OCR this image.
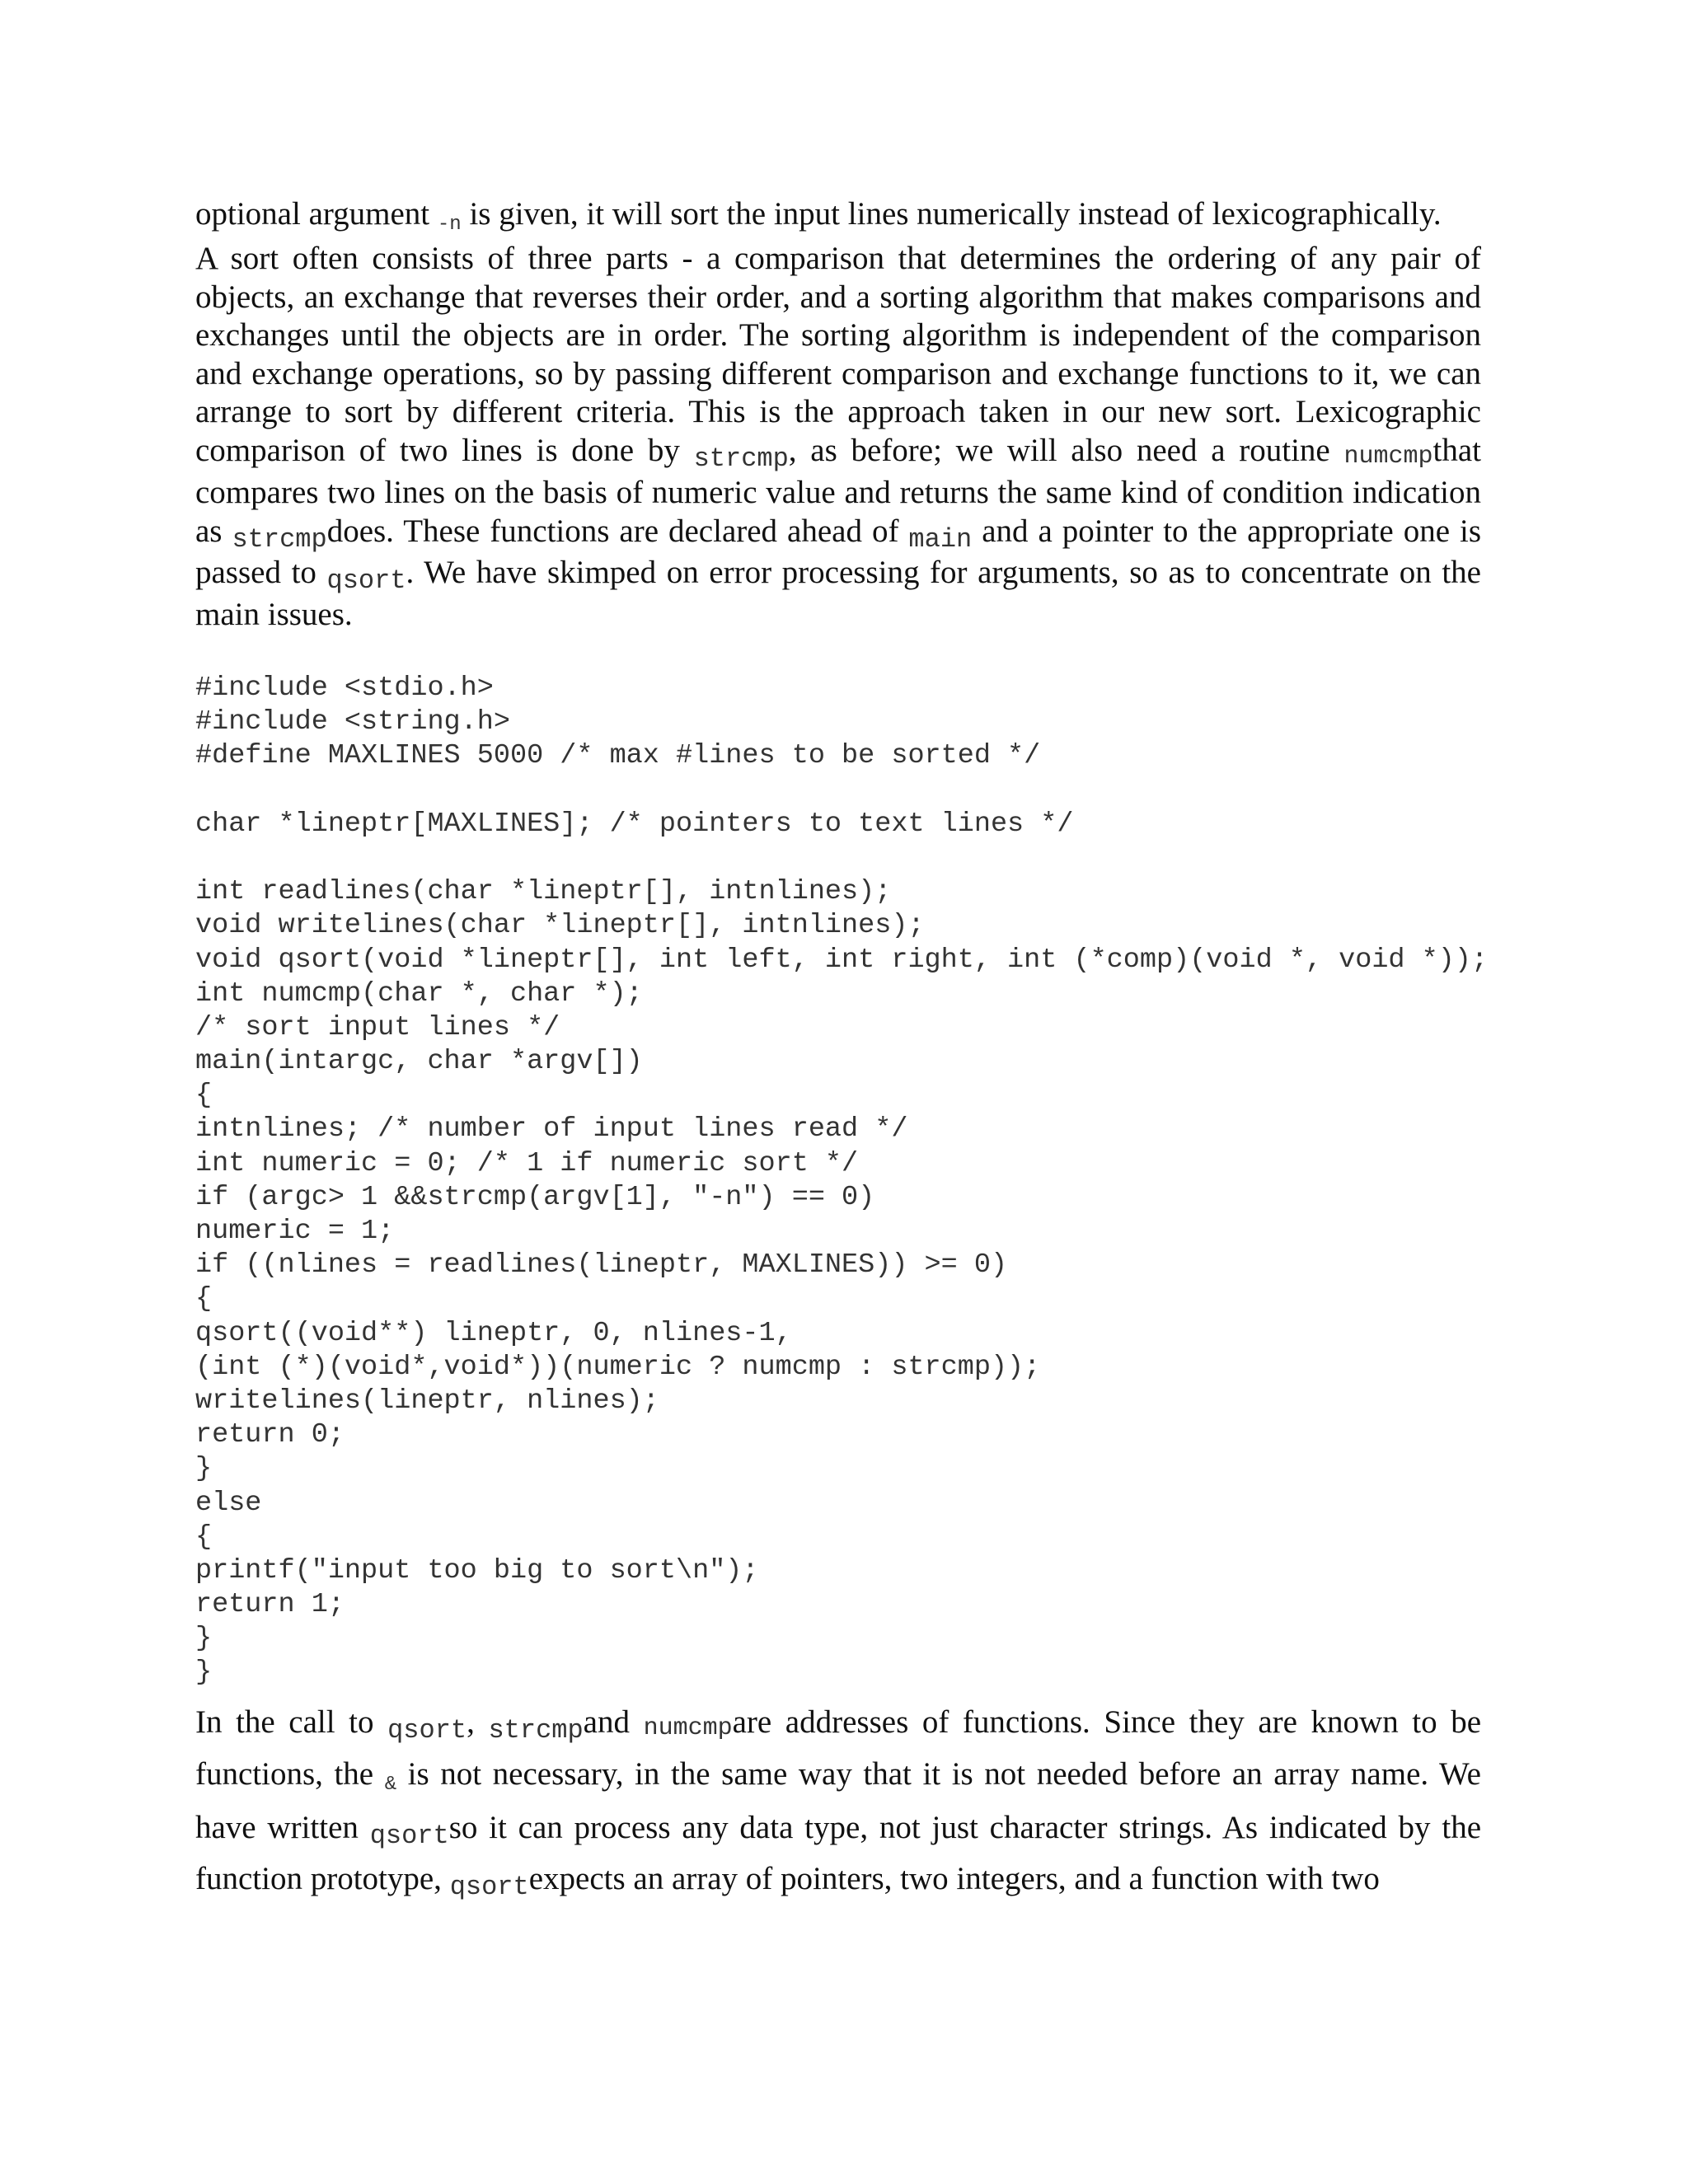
optional argument -n is given, it will sort the input lines numerically instead of lexicographically.

A sort often consists of three parts - a comparison that determines the ordering of any pair of objects, an exchange that reverses their order, and a sorting algorithm that makes comparisons and exchanges until the objects are in order. The sorting algorithm is independent of the comparison and exchange operations, so by passing different comparison and exchange functions to it, we can arrange to sort by different criteria. This is the approach taken in our new sort. Lexicographic comparison of two lines is done by strcmp, as before; we will also need a routine numcmpthat compares two lines on the basis of numeric value and returns the same kind of condition indication as strcmpdoes. These functions are declared ahead of main and a pointer to the appropriate one is passed to qsort. We have skimped on error processing for arguments, so as to concentrate on the main issues.

#include <stdio.h>
#include <string.h>
#define MAXLINES 5000 /* max #lines to be sorted */
char *lineptr[MAXLINES]; /* pointers to text lines */
int readlines(char *lineptr[], intnlines);
void writelines(char *lineptr[], intnlines);
void qsort(void *lineptr[], int left, int right, int (*comp)(void *, void *));
int numcmp(char *, char *);
/* sort input lines */
main(intargc, char *argv[])
{
intnlines; /* number of input lines read */
int numeric = 0; /* 1 if numeric sort */
if (argc> 1 &&strcmp(argv[1], "-n") == 0)
numeric = 1;
if ((nlines = readlines(lineptr, MAXLINES)) >= 0)
{
qsort((void**) lineptr, 0, nlines-1,
(int (*)(void*,void*))(numeric ? numcmp : strcmp));
writelines(lineptr, nlines);
return 0;
}
else
{
printf("input too big to sort\n");
return 1;
}
}

In the call to qsort, strcmpand numcmpare addresses of functions. Since they are known to be functions, the & is not necessary, in the same way that it is not needed before an array name. We have written qsortso it can process any data type, not just character strings. As indicated by the function prototype, qsortexpects an array of pointers, two integers, and a function with two
